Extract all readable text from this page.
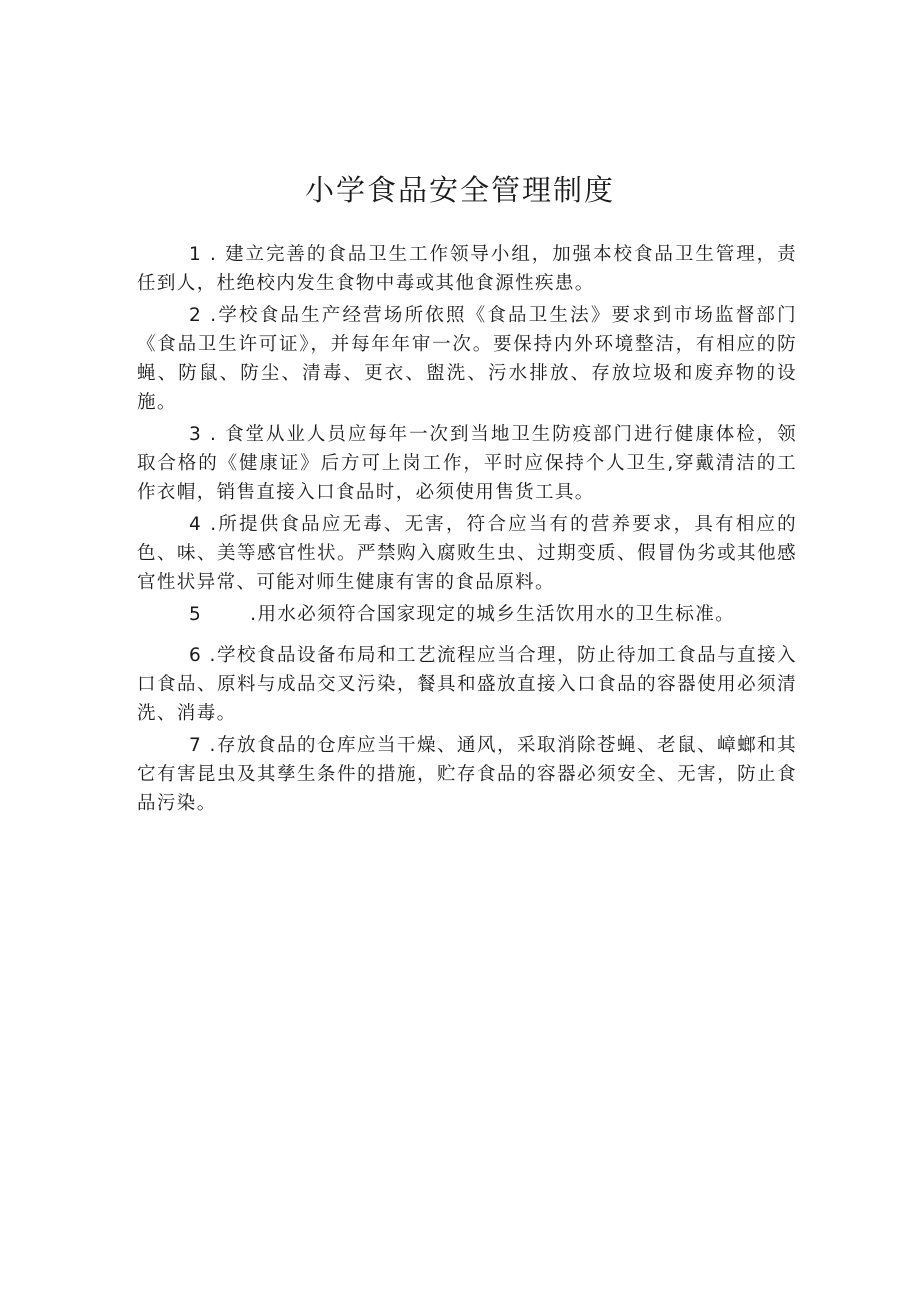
小学食品安全管理制度

1 . 建立完善的食品卫生工作领导小组，加强本校食品卫生管理，责任到人，杜绝校内发生食物中毒或其他食源性疾患。

2 .学校食品生产经营场所依照《食品卫生法》要求到市场监督部门《食品卫生许可证》，并每年年审一次。要保持内外环境整洁，有相应的防蝇、防鼠、防尘、清毒、更衣、盥洗、污水排放、存放垃圾和废弃物的设施。

3 . 食堂从业人员应每年一次到当地卫生防疫部门进行健康体检，领取合格的《健康证》后方可上岗工作，平时应保持个人卫生,穿戴清洁的工作衣帽，销售直接入口食品时，必须使用售货工具。

4 .所提供食品应无毒、无害，符合应当有的营养要求，具有相应的色、味、美等感官性状。严禁购入腐败生虫、过期变质、假冒伪劣或其他感官性状异常、可能对师生健康有害的食品原料。

5	.用水必须符合国家现定的城乡生活饮用水的卫生标准。

6 .学校食品设备布局和工艺流程应当合理，防止待加工食品与直接入口食品、原料与成品交叉污染，餐具和盛放直接入口食品的容器使用必须清洗、消毒。

7 .存放食品的仓库应当干燥、通风，采取消除苍蝇、老鼠、嶂螂和其它有害昆虫及其孳生条件的措施，贮存食品的容器必须安全、无害，防止食品污染。
